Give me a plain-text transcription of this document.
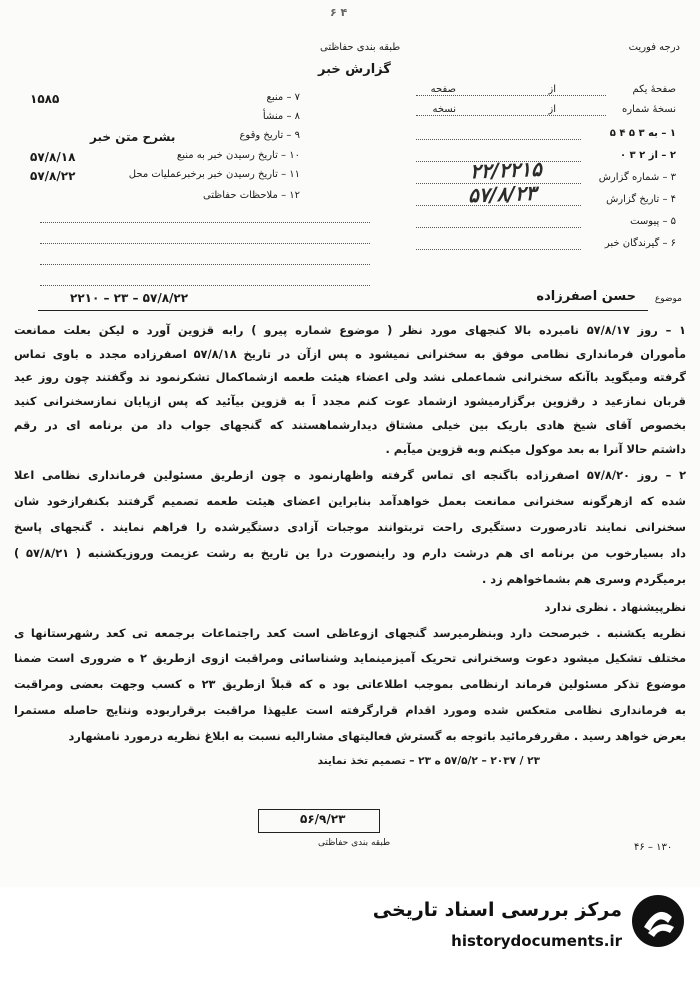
۶ ۴
درجه فوریت
طبقه بندی حفاظتی
گزارش خبر
صفحهٔ یکم
از
صفحه
نسخهٔ شماره
از
نسخه
۱ – به ۳ ۵ ۴ ۵
۲ – از ۲ ۳ ۰
۳ – شماره گزارش
۴ – تاریخ گزارش
۵ – پیوست
۶ – گیرندگان خبر
۲۲/۲۲۱۵
۵۷/۸/۲۳
۷ – منبع
۱۵۸۵
۸ – منشأ
۹ – تاریخ وقوع
بشرح متن خبر
۱۰ – تاریخ رسیدن خبر به منبع
۵۷/۸/۱۸
۱۱ – تاریخ رسیدن خبر برخبرعملیات محل
۵۷/۸/۲۲
۱۲ – ملاحظات حفاظتی
موضوع
حسن اصفرزاده
۵۷/۸/۲۲ – ۲۳ – ۲۲۱۰
۱ – روز ۵۷/۸/۱۷ نامبرده بالا کنجهای مورد نظر ( موضوع شماره پیرو ) رابه قزوین آورد ه لیکن بعلت ممانعت
مأموران فرمانداری نظامی موفق به سخنرانی نمیشود ه پس ازآن در تاریخ ۵۷/۸/۱۸ اصفرزاده مجدد ه باوی تماس
گرفته ومیگوید باآنکه سخنرانی شماعملی نشد ولی اعضاء هیئت طعمه ازشماکمال تشکرنمود ند وگفتند چون روز عید
قربان نمازعید د رقزوین برگزارمیشود ازشماد عوت کنم مجدد اً به قزوین بیآئید که پس ازپایان نمازسخنرانی کنید
بخصوص آقای شیخ هادی باریک بین خیلی مشتاق دیدارشماهستند که گنجهای جواب داد من برنامه ای در رقم
داشتم حالا آنرا به بعد موکول میکنم وبه قزوین میآیم .
۲ – روز ۵۷/۸/۲۰ اصفرزاده باگنجه ای تماس گرفته واظهارنمود ه چون ازطریق مسئولین فرمانداری نظامی اعلا
شده که ازهرگونه سخنرانی ممانعت بعمل خواهدآمد بنابراین اعضای هیئت طعمه تصمیم گرفتند بکنفرازخود شان
سخنرانی نمایند تادرصورت دستگیری راحت تربتوانند موجبات آزادی دستگیرشده را فراهم نمایند . گنجهای پاسخ
داد بسیارخوب من برنامه ای هم درشت دارم ود راینصورت درا ین تاریخ به رشت عزیمت وروزیکشنبه ( ۵۷/۸/۲۱ )
برمیگردم وسری هم بشماخواهم زد .
نظرپیشنهاد . نظری ندارد
نظریه یکشنبه . خبرصحت دارد وبنظرمیرسد گنجهای ازوعاظی است کعد راجتماعات برجمعه تی کعد رشهرستانها ی
مختلف تشکیل میشود دعوت وسخنرانی تحریک آمیزمینماید وشناسائی ومراقبت ازوی ازطریق ۲ ه ضروری است ضمنا
موضوع تذکر مسئولین فرماند ارنظامی بموجب اطلاعاتی بود ه که قبلاً ازطریق ۲۳ ه کسب وجهت بعضی ومراقبت
به فرمانداری نظامی متعکس شده ومورد اقدام قرارگرفته است علیهذا مراقبت برقراربوده ونتایج حاصله مستمرا
بعرض خواهد رسید . مقررفرمائید باتوجه به گسترش فعالیتهای مشارالیه نسبت به ابلاغ نظریه درمورد نامشهارد
۲۳ / ۲۰۳۷ – ۵۷/۵/۲ ه ۲۳ – تصمیم تخذ نمایند
۵۶/۹/۲۳
طبقه بندی حفاظتی	۱۳۰ – ۴۶
مرکز بررسی اسناد تاریخی
historydocuments.ir
